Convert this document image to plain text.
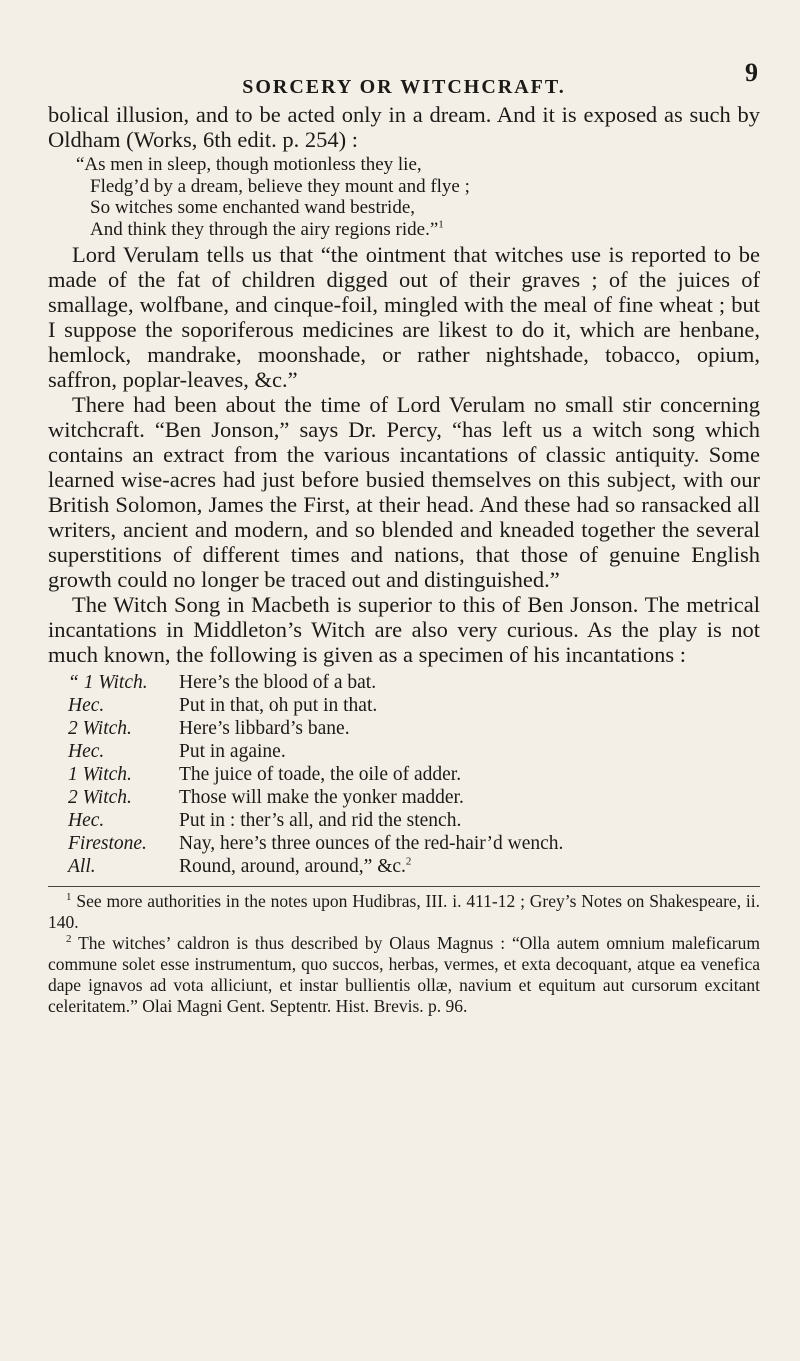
SORCERY OR WITCHCRAFT.	9

bolical illusion, and to be acted only in a dream. And it is exposed as such by Oldham (Works, 6th edit. p. 254) :

“As men in sleep, though motionless they lie,
Fledg’d by a dream, believe they mount and flye ;
So witches some enchanted wand bestride,
And think they through the airy regions ride.”$^1$

Lord Verulam tells us that “the ointment that witches use is reported to be made of the fat of children digged out of their graves ; of the juices of smallage, wolfbane, and cinque-foil, mingled with the meal of fine wheat ; but I suppose the soporiferous medicines are likest to do it, which are henbane, hemlock, mandrake, moonshade, or rather nightshade, tobacco, opium, saffron, poplar-leaves, &c.”

There had been about the time of Lord Verulam no small stir concerning witchcraft. “Ben Jonson,” says Dr. Percy, “has left us a witch song which contains an extract from the various incantations of classic antiquity. Some learned wise-acres had just before busied themselves on this subject, with our British Solomon, James the First, at their head. And these had so ransacked all writers, ancient and modern, and so blended and kneaded together the several superstitions of different times and nations, that those of genuine English growth could no longer be traced out and distinguished.”

The Witch Song in Macbeth is superior to this of Ben Jonson. The metrical incantations in Middleton’s Witch are also very curious. As the play is not much known, the following is given as a specimen of his incantations :

“ 1 Witch.	Here’s the blood of a bat.
Hec.	Put in that, oh put in that.
2 Witch.	Here’s libbard’s bane.
Hec.	Put in againe.
1 Witch.	The juice of toade, the oile of adder.
2 Witch.	Those will make the yonker madder.
Hec.	Put in : ther’s all, and rid the stench.
Firestone.	Nay, here’s three ounces of the red-hair’d wench.
All.	Round, around, around,” &c.$^2$

$^1$ See more authorities in the notes upon Hudibras, III. i. 411-12 ; Grey’s Notes on Shakespeare, ii. 140.

$^2$ The witches’ caldron is thus described by Olaus Magnus : “Olla autem omnium maleficarum commune solet esse instrumentum, quo succos, herbas, vermes, et exta decoquant, atque ea venefica dape ignavos ad vota alliciunt, et instar bullientis ollæ, navium et equitum aut cursorum excitant celeritatem.” Olai Magni Gent. Septentr. Hist. Brevis. p. 96.
